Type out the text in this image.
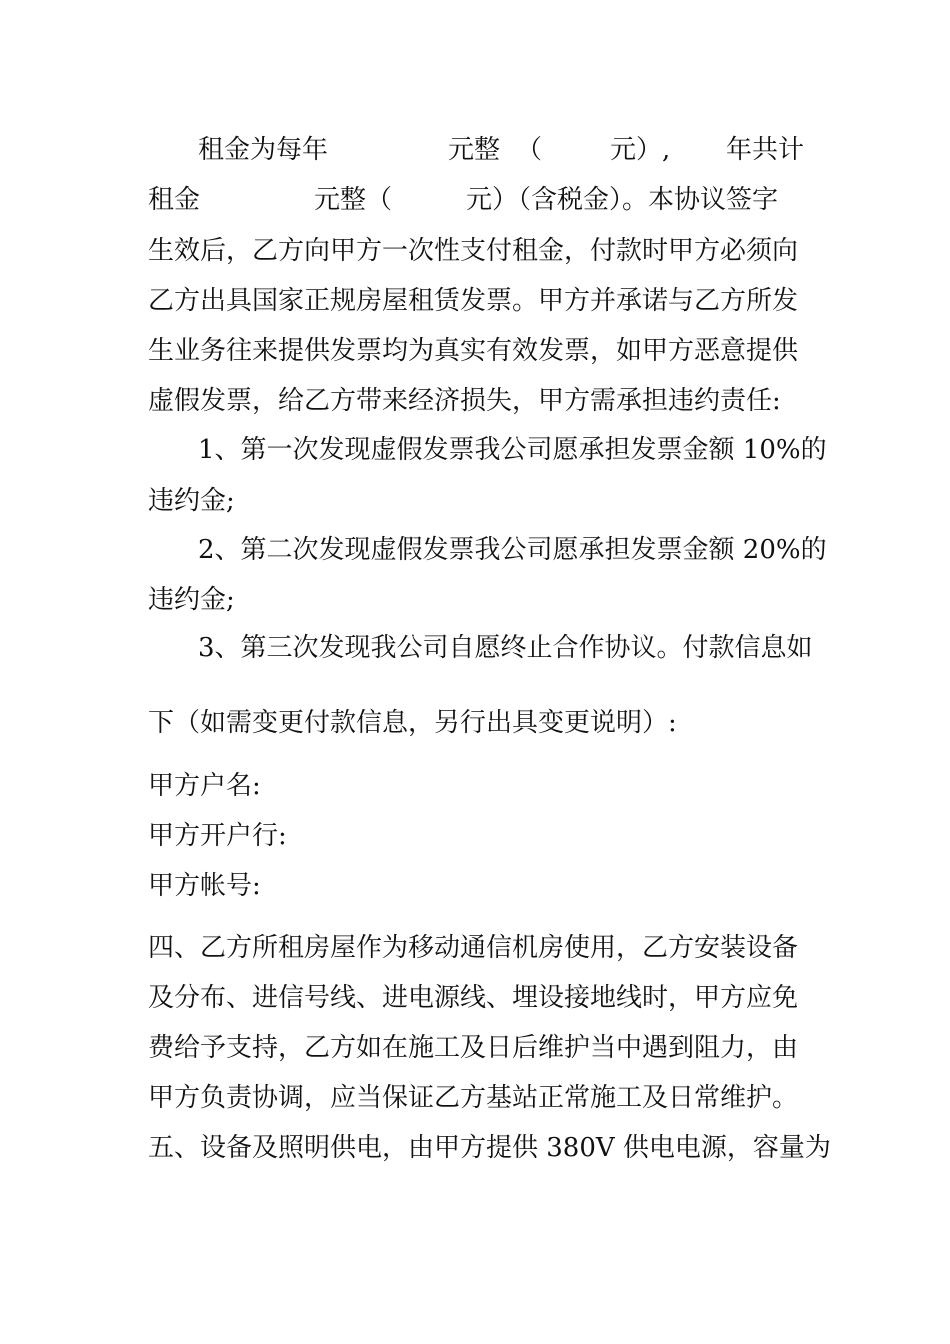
租金为每年	元整 （	元）, 年共计
租金	元整（	元）（含税金）。本协议签字
生效后，乙方向甲方一次性支付租金，付款时甲方必须向
乙方出具国家正规房屋租赁发票。甲方并承诺与乙方所发
生业务往来提供发票均为真实有效发票，如甲方恶意提供
虚假发票，给乙方带来经济损失，甲方需承担违约责任:
1、第一次发现虚假发票我公司愿承担发票金额 10%的
违约金;
2、第二次发现虚假发票我公司愿承担发票金额 20%的
违约金;
3、第三次发现我公司自愿终止合作协议。付款信息如
下（如需变更付款信息，另行出具变更说明）:
甲方户名:
甲方开户行:
甲方帐号:
四、乙方所租房屋作为移动通信机房使用，乙方安装设备
及分布、进信号线、进电源线、埋设接地线时，甲方应免
费给予支持，乙方如在施工及日后维护当中遇到阻力，由
甲方负责协调，应当保证乙方基站正常施工及日常维护。
五、设备及照明供电，由甲方提供 380V 供电电源，容量为
